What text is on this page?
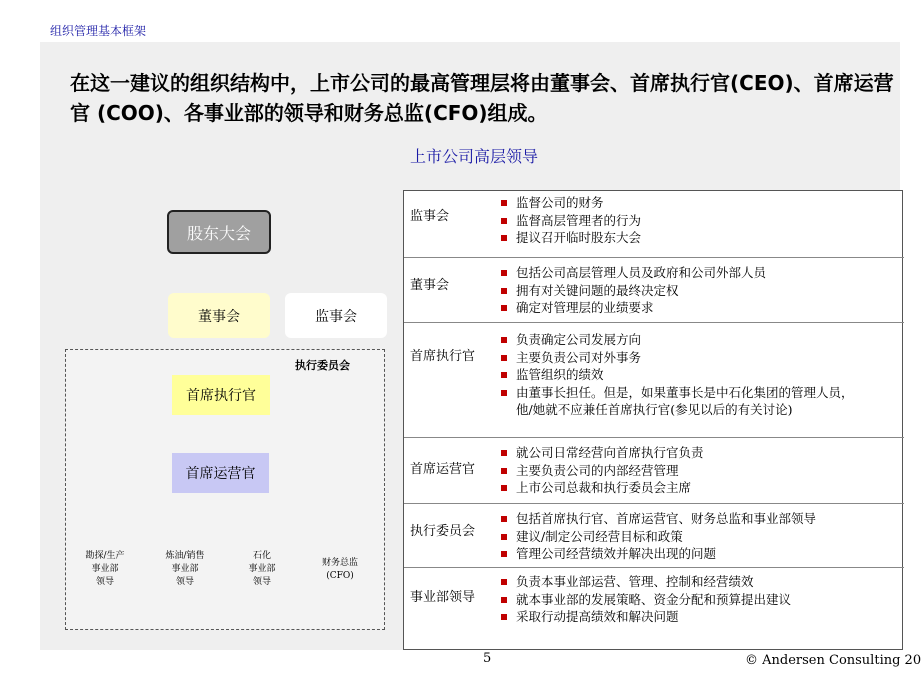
组织管理基本框架
在这一建议的组织结构中，上市公司的最高管理层将由董事会、首席执行官(CEO)、首席运营官 (COO)、各事业部的领导和财务总监(CFO)组成。
上市公司高层领导
股东大会
董事会	监事会
执行委员会
首席执行官
首席运营官
勘探/生产
事业部
领导
炼油/销售
事业部
领导
石化
事业部
领导
财务总监
(CFO)
监事会
监督公司的财务
监督高层管理者的行为
提议召开临时股东大会
董事会
包括公司高层管理人员及政府和公司外部人员
拥有对关键问题的最终决定权
确定对管理层的业绩要求
首席执行官
负责确定公司发展方向
主要负责公司对外事务
监管组织的绩效
由董事长担任。但是，如果董事长是中石化集团的管理人员，
他/她就不应兼任首席执行官(参见以后的有关讨论)
首席运营官
就公司日常经营向首席执行官负责
主要负责公司的内部经营管理
上市公司总裁和执行委员会主席
执行委员会
包括首席执行官、首席运营官、财务总监和事业部领导
建议/制定公司经营目标和政策
管理公司经营绩效并解决出现的问题
事业部领导
负责本事业部运营、管理、控制和经营绩效
就本事业部的发展策略、资金分配和预算提出建议
采取行动提高绩效和解决问题
5	© Andersen Consulting 20
